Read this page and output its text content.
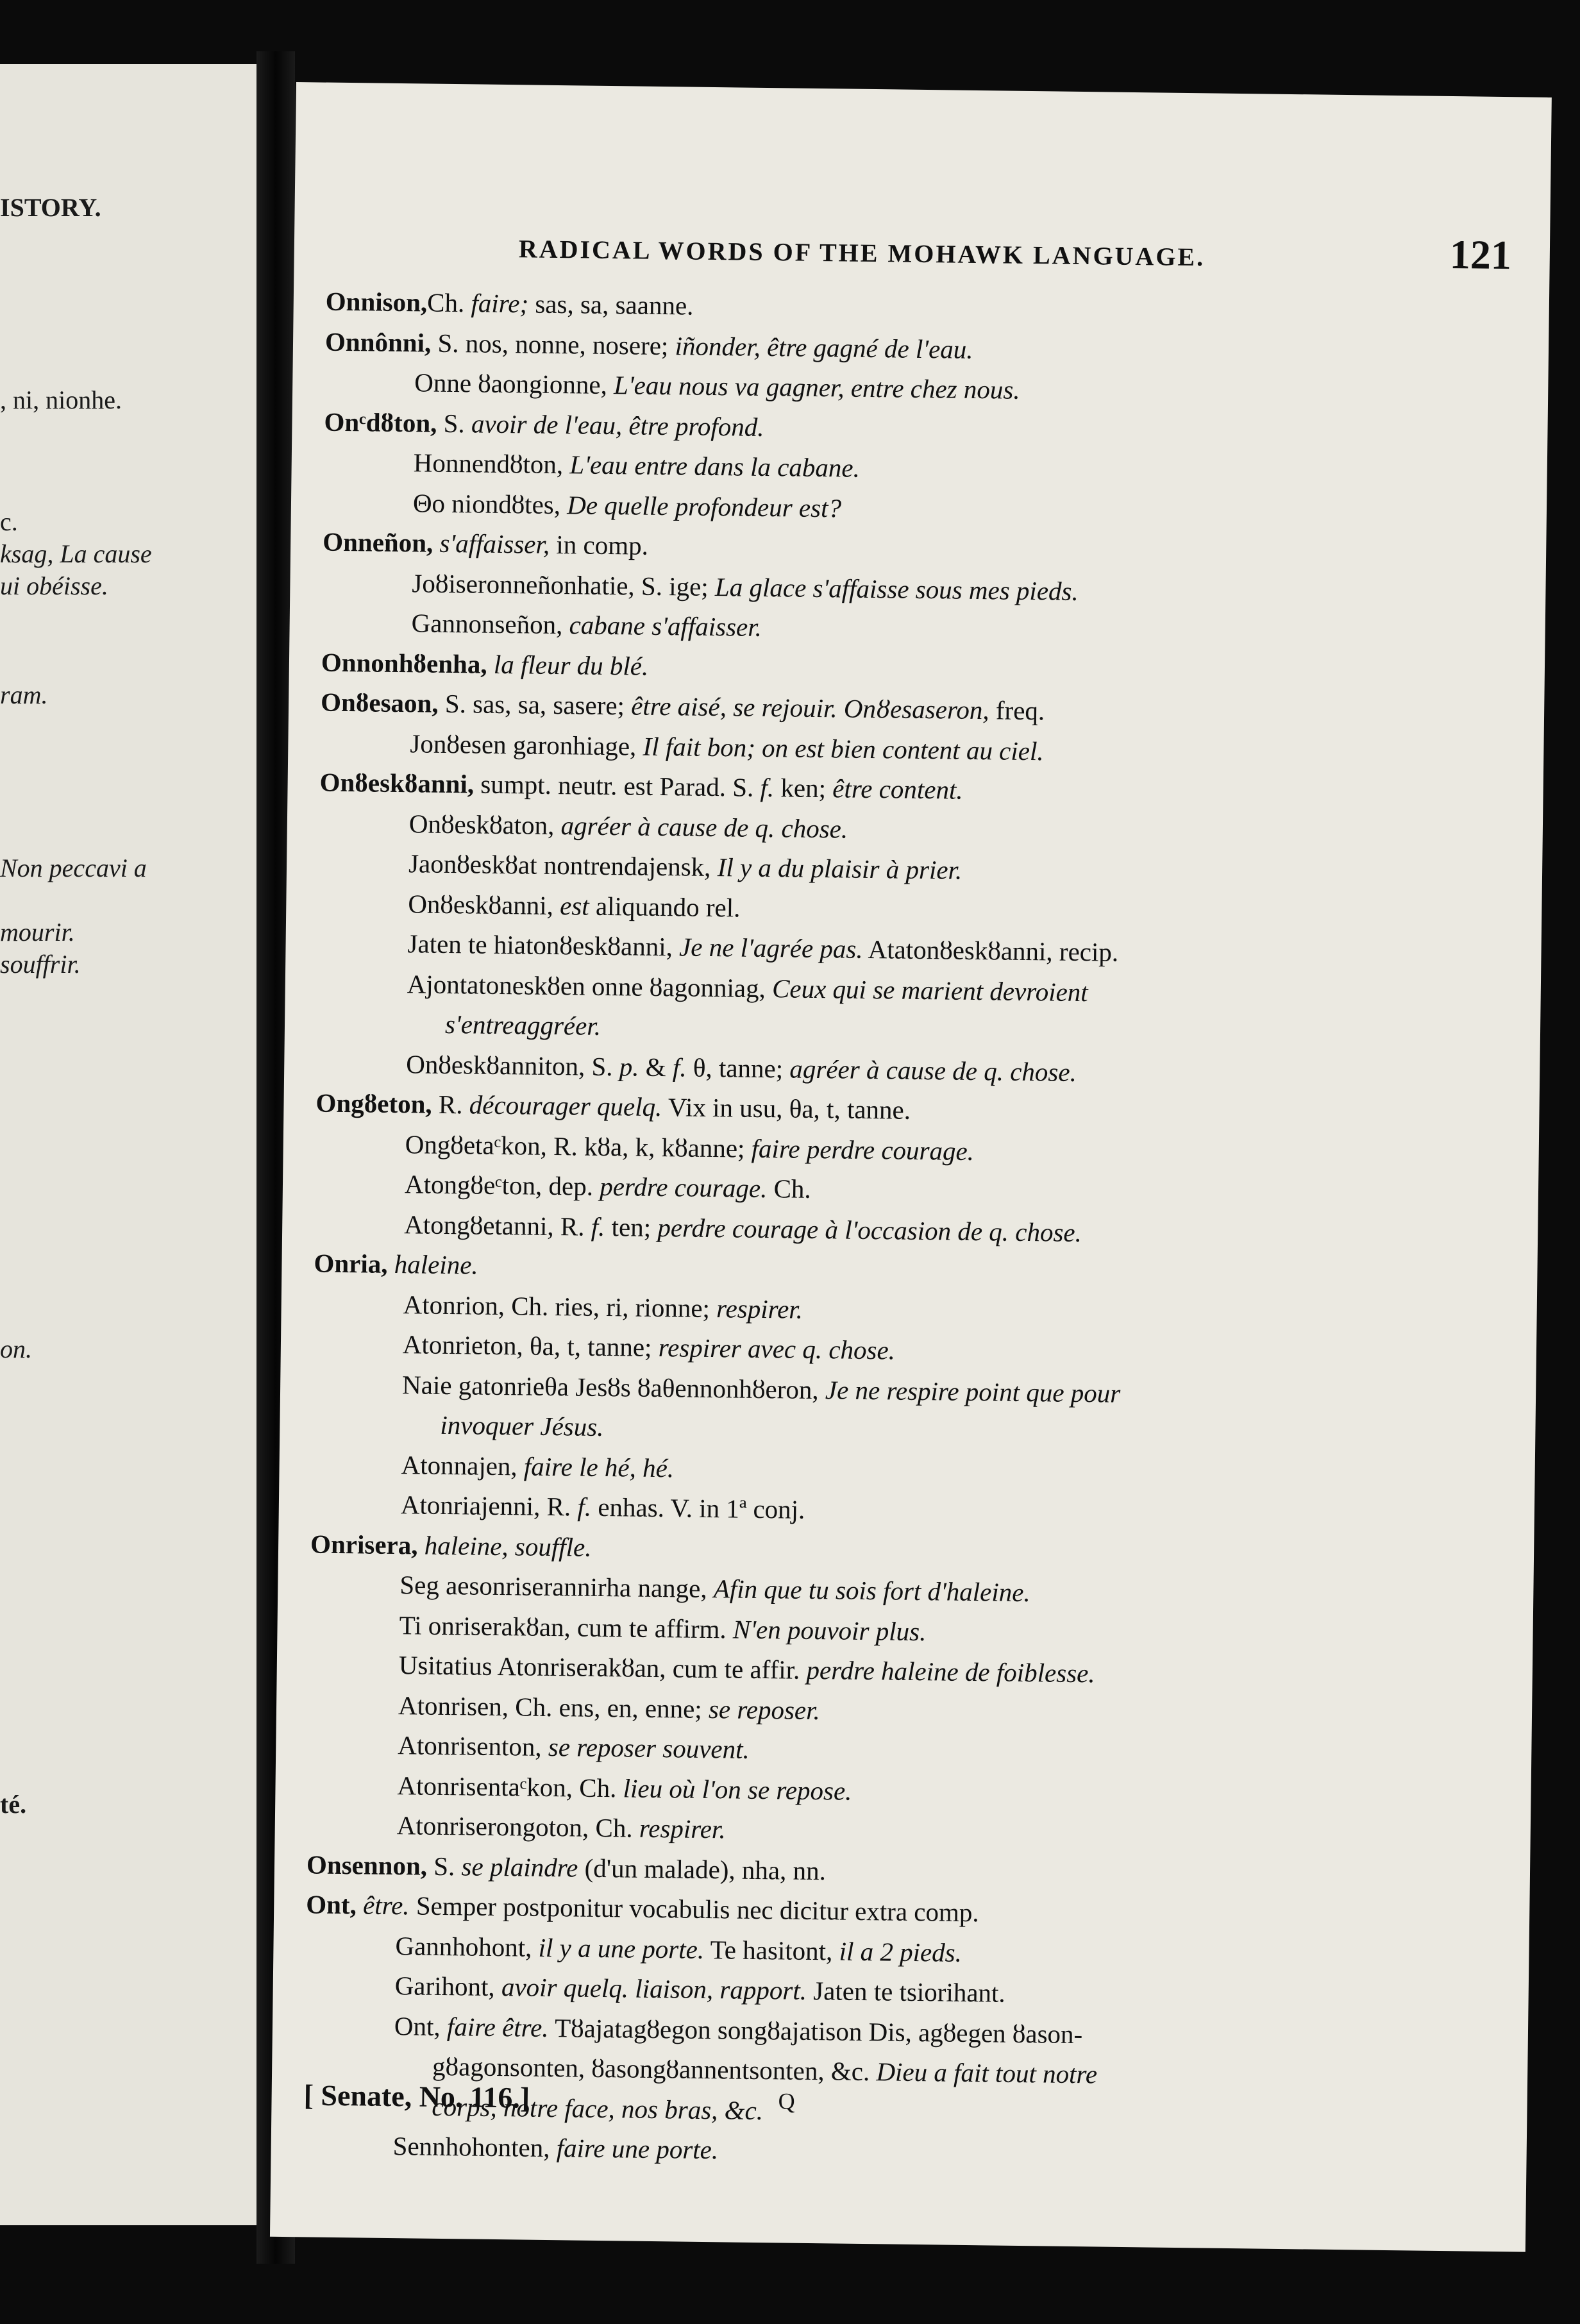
ISTORY.
, ni, nionhe.
c.
ksag, La cause
ui obéisse.
ram.
Non peccavi a
mourir.
souffrir.
on.
té.
RADICAL WORDS OF THE MOHAWK LANGUAGE.	121
Onnison,Ch. faire; sas, sa, saanne.
Onnônni, S. nos, nonne, nosere; iñonder, être gagné de l'eau.
Onne ȣaongionne, L'eau nous va gagner, entre chez nous.
Onᶜdȣton, S. avoir de l'eau, être profond.
Honnendȣton, L'eau entre dans la cabane.
Θo niondȣtes, De quelle profondeur est?
Onneñon, s'affaisser, in comp.
Joȣiseronneñonhatie, S. ige; La glace s'affaisse sous mes pieds.
Gannonseñon, cabane s'affaisser.
Onnonhȣenha, la fleur du blé.
Onȣesaon, S. sas, sa, sasere; être aisé, se rejouir. Onȣesaseron, freq.
Jonȣesen garonhiage, Il fait bon; on est bien content au ciel.
Onȣeskȣanni, sumpt. neutr. est Parad. S. f. ken; être content.
Onȣeskȣaton, agréer à cause de q. chose.
Jaonȣeskȣat nontrendajensk, Il y a du plaisir à prier.
Onȣeskȣanni, est aliquando rel.
Jaten te hiatonȣeskȣanni, Je ne l'agrée pas. Atatonȣeskȣanni, recip.
Ajontatoneskȣen onne ȣagonniag, Ceux qui se marient devroient
s'entreaggréer.
Onȣeskȣanniton, S. p. & f. θ, tanne; agréer à cause de q. chose.
Ongȣeton, R. décourager quelq. Vix in usu, θa, t, tanne.
Ongȣetaᶜkon, R. kȣa, k, kȣanne; faire perdre courage.
Atongȣeᶜton, dep. perdre courage. Ch.
Atongȣetanni, R. f. ten; perdre courage à l'occasion de q. chose.
Onria, haleine.
Atonrion, Ch. ries, ri, rionne; respirer.
Atonrieton, θa, t, tanne; respirer avec q. chose.
Naie gatonrieθa Jesȣs ȣaθennonhȣeron, Je ne respire point que pour
invoquer Jésus.
Atonnajen, faire le hé, hé.
Atonriajenni, R. f. enhas. V. in 1ª conj.
Onrisera, haleine, souffle.
Seg aesonriserannirha nange, Afin que tu sois fort d'haleine.
Ti onriserakȣan, cum te affirm. N'en pouvoir plus.
Usitatius Atonriserakȣan, cum te affir. perdre haleine de foiblesse.
Atonrisen, Ch. ens, en, enne; se reposer.
Atonrisenton, se reposer souvent.
Atonrisentaᶜkon, Ch. lieu où l'on se repose.
Atonriserongoton, Ch. respirer.
Onsennon, S. se plaindre (d'un malade), nha, nn.
Ont, être. Semper postponitur vocabulis nec dicitur extra comp.
Gannhohont, il y a une porte. Te hasitont, il a 2 pieds.
Garihont, avoir quelq. liaison, rapport. Jaten te tsiorihant.
Ont, faire être. Tȣajatagȣegon songȣajatison Dis, agȣegen ȣason-
gȣagonsonten, ȣasongȣannentsonten, &c. Dieu a fait tout notre
corps, notre face, nos bras, &c.
Sennhohonten, faire une porte.
[ Senate, No. 116.]	Q
